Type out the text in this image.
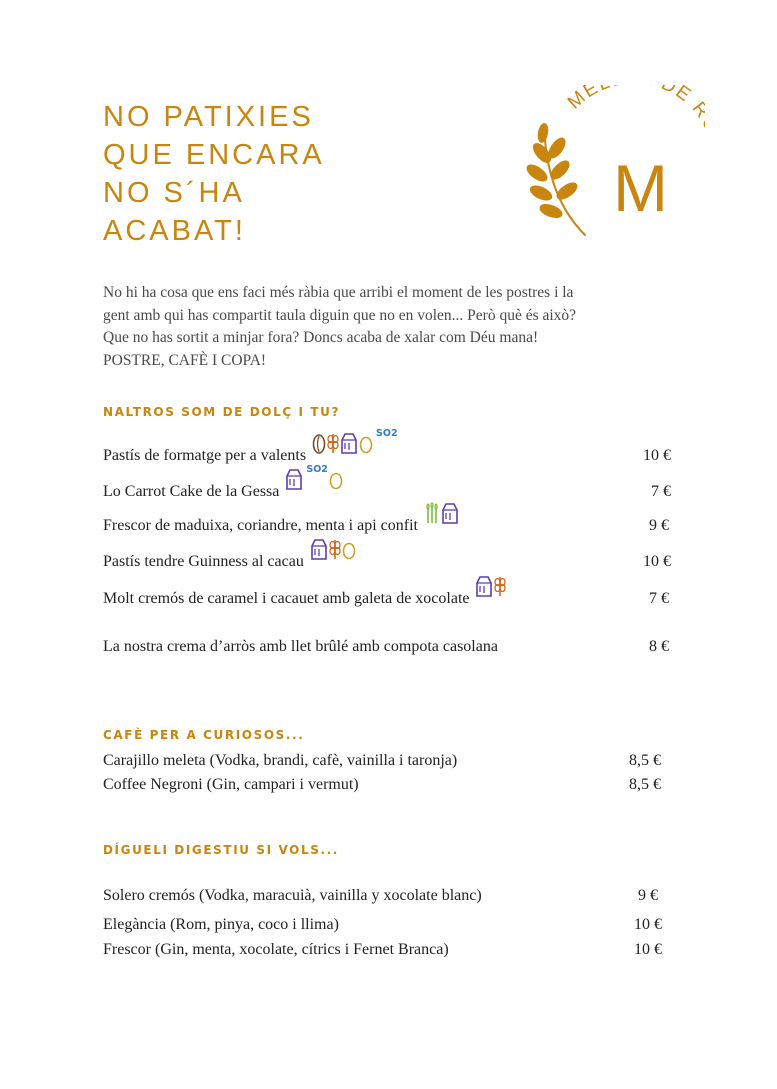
NO PATIXIES
QUE ENCARA
NO S´HA
ACABAT!
ME DE
M
No hi ha cosa que ens faci més ràbia que arribi el moment de les postres i la
gent amb qui has compartit taula diguin que no en volen... Però què és això?
Que no has sortit a minjar fora? Doncs acaba de xalar com Déu mana!
POSTRE, CAFÈ I COPA!
NALTROS SOM DE DOLÇ I TU?
Pastís de formatge per a valents
SO2
10 €
Lo Carrot Cake de la Gessa
SO2
7 €
Frescor de maduixa, coriandre, menta i api confit	9 €
Pastís tendre Guinness al cacau	10 €
Molt cremós de caramel i cacauet amb galeta de xocolate	7 €
La nostra crema d’arròs amb llet brûlé amb compota casolana	8 €
CAFÈ PER A CURIOSOS...
Carajillo meleta (Vodka, brandi, cafè, vainilla i taronja)	8,5 €
Coffee Negroni (Gin, campari i vermut)	8,5 €
DÍGUELI DIGESTIU SI VOLS...
Solero cremós (Vodka, maracuià, vainilla y xocolate blanc)	9 €
Elegància (Rom, pinya, coco i llima)	10 €
Frescor (Gin, menta, xocolate, cítrics i Fernet Branca)	10 €
